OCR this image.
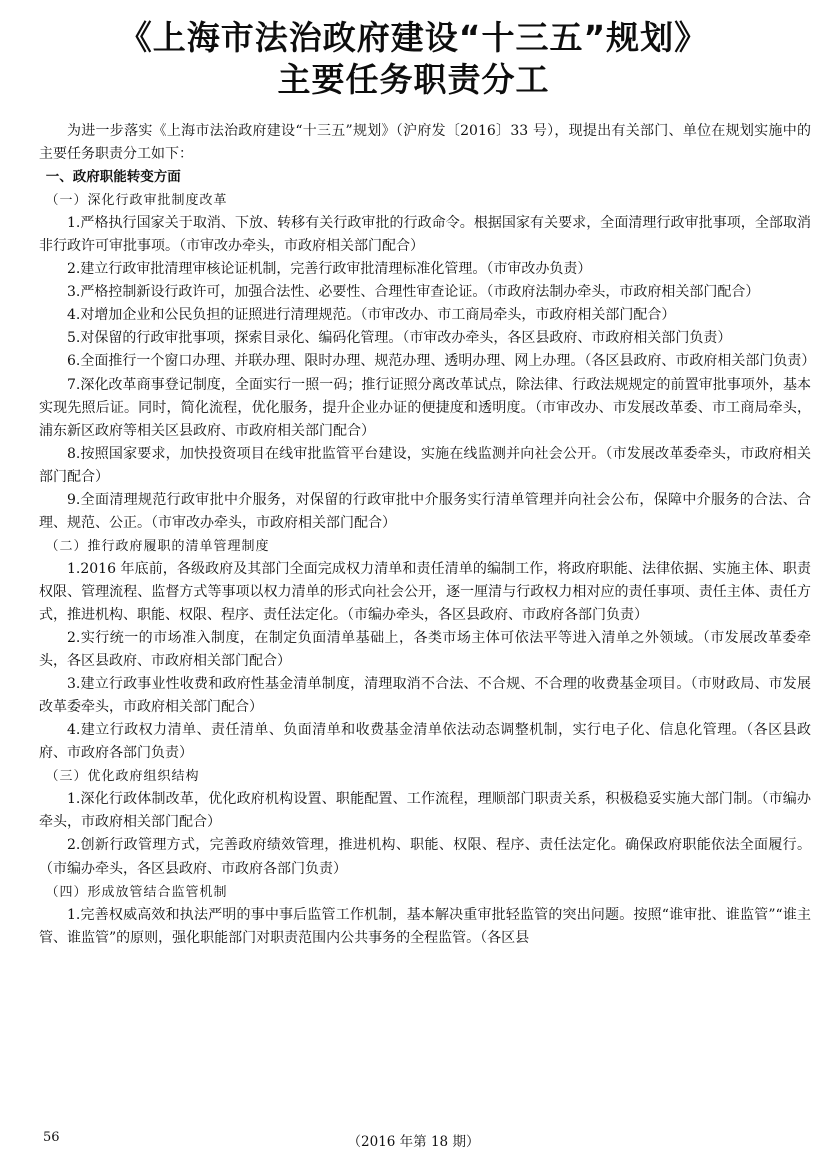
《上海市法治政府建设“十三五”规划》
主要任务职责分工

为进一步落实《上海市法治政府建设“十三五”规划》（沪府发〔2016〕33 号），现提出有关部门、单位在规划实施中的主要任务职责分工如下：

一、政府职能转变方面

（一）深化行政审批制度改革

1.严格执行国家关于取消、下放、转移有关行政审批的行政命令。根据国家有关要求，全面清理行政审批事项，全部取消非行政许可审批事项。（市审改办牵头，市政府相关部门配合）

2.建立行政审批清理审核论证机制，完善行政审批清理标准化管理。（市审改办负责）

3.严格控制新设行政许可，加强合法性、必要性、合理性审查论证。（市政府法制办牵头，市政府相关部门配合）

4.对增加企业和公民负担的证照进行清理规范。（市审改办、市工商局牵头，市政府相关部门配合）

5.对保留的行政审批事项，探索目录化、编码化管理。（市审改办牵头，各区县政府、市政府相关部门负责）

6.全面推行一个窗口办理、并联办理、限时办理、规范办理、透明办理、网上办理。（各区县政府、市政府相关部门负责）

7.深化改革商事登记制度，全面实行一照一码；推行证照分离改革试点，除法律、行政法规规定的前置审批事项外，基本实现先照后证。同时，简化流程，优化服务，提升企业办证的便捷度和透明度。（市审改办、市发展改革委、市工商局牵头，浦东新区政府等相关区县政府、市政府相关部门配合）

8.按照国家要求，加快投资项目在线审批监管平台建设，实施在线监测并向社会公开。（市发展改革委牵头，市政府相关部门配合）

9.全面清理规范行政审批中介服务，对保留的行政审批中介服务实行清单管理并向社会公布，保障中介服务的合法、合理、规范、公正。（市审改办牵头，市政府相关部门配合）

（二）推行政府履职的清单管理制度

1.2016 年底前，各级政府及其部门全面完成权力清单和责任清单的编制工作，将政府职能、法律依据、实施主体、职责权限、管理流程、监督方式等事项以权力清单的形式向社会公开，逐一厘清与行政权力相对应的责任事项、责任主体、责任方式，推进机构、职能、权限、程序、责任法定化。（市编办牵头，各区县政府、市政府各部门负责）

2.实行统一的市场准入制度，在制定负面清单基础上，各类市场主体可依法平等进入清单之外领域。（市发展改革委牵头，各区县政府、市政府相关部门配合）

3.建立行政事业性收费和政府性基金清单制度，清理取消不合法、不合规、不合理的收费基金项目。（市财政局、市发展改革委牵头，市政府相关部门配合）

4.建立行政权力清单、责任清单、负面清单和收费基金清单依法动态调整机制，实行电子化、信息化管理。（各区县政府、市政府各部门负责）

（三）优化政府组织结构

1.深化行政体制改革，优化政府机构设置、职能配置、工作流程，理顺部门职责关系，积极稳妥实施大部门制。（市编办牵头，市政府相关部门配合）

2.创新行政管理方式，完善政府绩效管理，推进机构、职能、权限、程序、责任法定化。确保政府职能依法全面履行。（市编办牵头，各区县政府、市政府各部门负责）

（四）形成放管结合监管机制

1.完善权威高效和执法严明的事中事后监管工作机制，基本解决重审批轻监管的突出问题。按照“谁审批、谁监管”“谁主管、谁监管”的原则，强化职能部门对职责范围内公共事务的全程监管。（各区县

56	（2016 年第 18 期）
